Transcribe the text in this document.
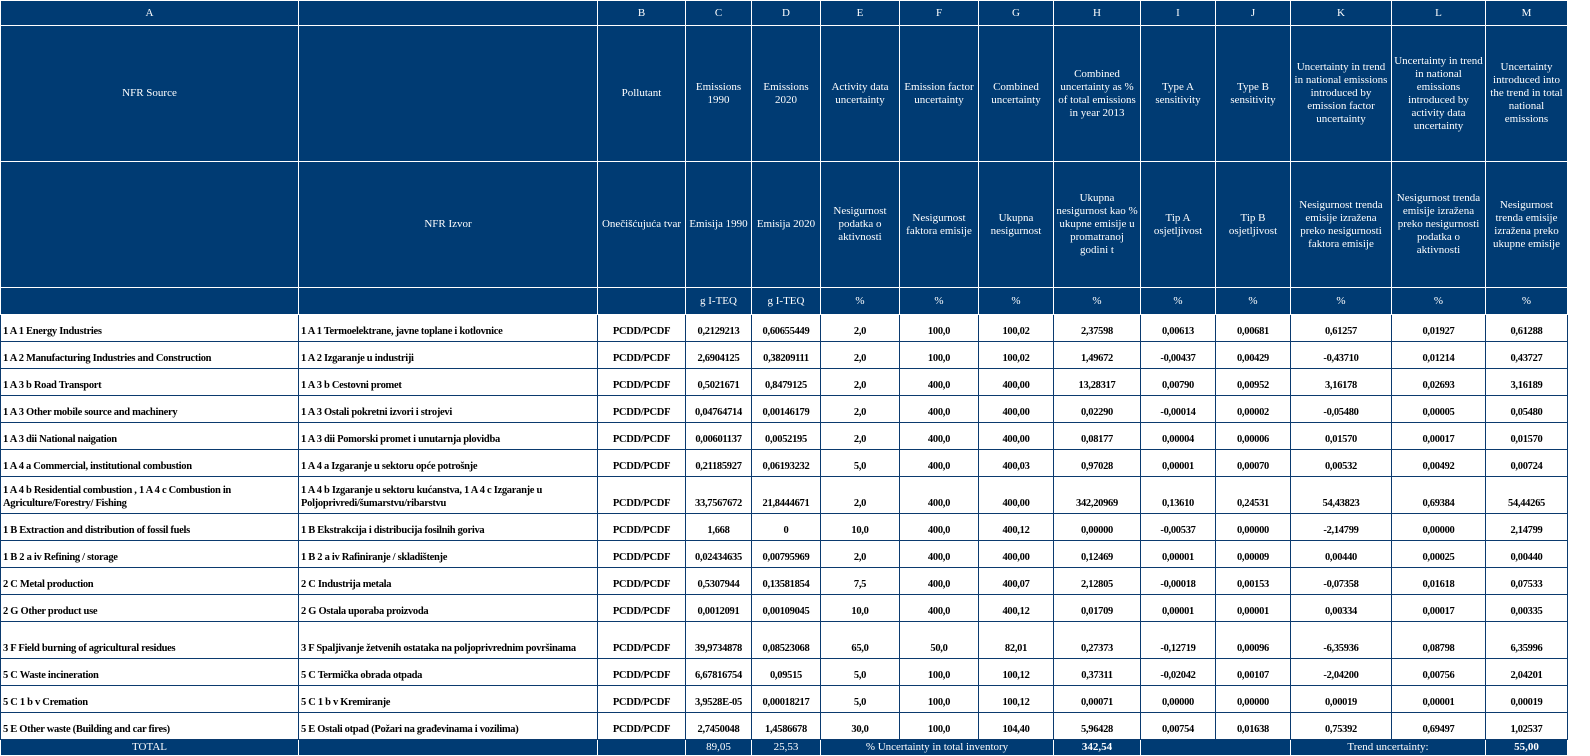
A		B	C	D	E	F	G	H	I	J	K	L	M
NFR Source		Pollutant	Emissions 1990	Emissions 2020	Activity data uncertainty	Emission factor uncertainty	Combined uncertainty	Combined uncertainty as % of total emissions in year 2013	Type A sensitivity	Type B sensitivity	Uncertainty in trend in national emissions introduced by emission factor uncertainty	Uncertainty in trend in national emissions introduced by activity data uncertainty	Uncertainty introduced into the trend in total national emissions
	NFR Izvor	Onečišćujuća tvar	Emisija 1990	Emisija 2020	Nesigurnost podatka o aktivnosti	Nesigurnost faktora emisije	Ukupna nesigurnost	Ukupna nesigurnost kao % ukupne emisije u promatranoj godini t	Tip A osjetljivost	Tip B osjetljivost	Nesigurnost trenda emisije izražena preko nesigurnosti faktora emisije	Nesigurnost trenda emisije izražena preko nesigurnosti podatka o aktivnosti	Nesigurnost trenda emisije izražena preko ukupne emisije
			g I-TEQ	g I-TEQ	%	%	%	%	%	%	%	%	%
1 A 1 Energy Industries	1 A 1 Termoelektrane, javne toplane i kotlovnice	PCDD/PCDF	0,2129213	0,60655449	2,0	100,0	100,02	2,37598	0,00613	0,00681	0,61257	0,01927	0,61288
1 A 2 Manufacturing Industries and Construction	1 A 2 Izgaranje u industriji	PCDD/PCDF	2,6904125	0,38209111	2,0	100,0	100,02	1,49672	-0,00437	0,00429	-0,43710	0,01214	0,43727
1 A 3 b Road Transport	1 A 3 b Cestovni promet	PCDD/PCDF	0,5021671	0,8479125	2,0	400,0	400,00	13,28317	0,00790	0,00952	3,16178	0,02693	3,16189
1 A 3 Other mobile source and machinery	1 A 3 Ostali pokretni izvori i strojevi	PCDD/PCDF	0,04764714	0,00146179	2,0	400,0	400,00	0,02290	-0,00014	0,00002	-0,05480	0,00005	0,05480
1 A 3 dii National naigation	1 A 3 dii Pomorski promet i unutarnja plovidba	PCDD/PCDF	0,00601137	0,0052195	2,0	400,0	400,00	0,08177	0,00004	0,00006	0,01570	0,00017	0,01570
1 A 4 a Commercial, institutional combustion	1 A 4 a Izgaranje u sektoru opće potrošnje	PCDD/PCDF	0,21185927	0,06193232	5,0	400,0	400,03	0,97028	0,00001	0,00070	0,00532	0,00492	0,00724
1 A 4 b Residential combustion , 1 A 4 c Combustion in Agriculture/Forestry/ Fishing	1 A 4 b Izgaranje u sektoru kućanstva, 1 A 4 c Izgaranje u Poljoprivredi/šumarstvu/ribarstvu	PCDD/PCDF	33,7567672	21,8444671	2,0	400,0	400,00	342,20969	0,13610	0,24531	54,43823	0,69384	54,44265
1 B Extraction and distribution of fossil fuels	1 B Ekstrakcija i distribucija fosilnih goriva	PCDD/PCDF	1,668	0	10,0	400,0	400,12	0,00000	-0,00537	0,00000	-2,14799	0,00000	2,14799
1 B 2 a iv Refining / storage	1 B 2 a iv Rafiniranje / skladištenje	PCDD/PCDF	0,02434635	0,00795969	2,0	400,0	400,00	0,12469	0,00001	0,00009	0,00440	0,00025	0,00440
2 C Metal production	2 C Industrija metala	PCDD/PCDF	0,5307944	0,13581854	7,5	400,0	400,07	2,12805	-0,00018	0,00153	-0,07358	0,01618	0,07533
2 G Other product use	2 G Ostala uporaba proizvoda	PCDD/PCDF	0,0012091	0,00109045	10,0	400,0	400,12	0,01709	0,00001	0,00001	0,00334	0,00017	0,00335
3 F Field burning of agricultural residues	3 F Spaljivanje žetvenih ostataka na poljoprivrednim površinama	PCDD/PCDF	39,9734878	0,08523068	65,0	50,0	82,01	0,27373	-0,12719	0,00096	-6,35936	0,08798	6,35996
5 C Waste incineration	5 C Termička obrada otpada	PCDD/PCDF	6,67816754	0,09515	5,0	100,0	100,12	0,37311	-0,02042	0,00107	-2,04200	0,00756	2,04201
5 C 1 b v Cremation	5 C 1 b v Kremiranje	PCDD/PCDF	3,9528E-05	0,00018217	5,0	100,0	100,12	0,00071	0,00000	0,00000	0,00019	0,00001	0,00019
5 E Other waste (Building and car fires)	5 E Ostali otpad (Požari na građevinama i vozilima)	PCDD/PCDF	2,7450048	1,4586678	30,0	100,0	104,40	5,96428	0,00754	0,01638	0,75392	0,69497	1,02537
TOTAL			89,05	25,53	% Uncertainty in total inventory			342,54			Trend uncertainty:		55,00
